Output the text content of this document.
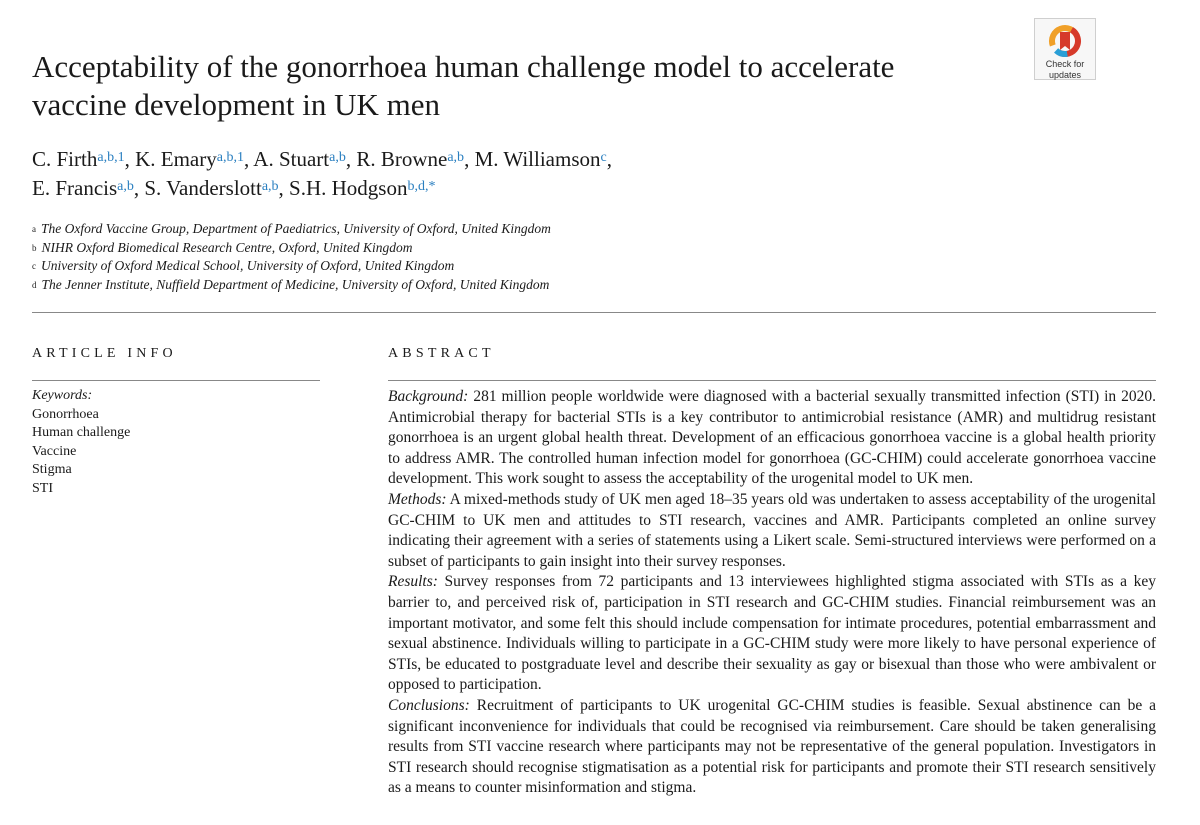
Acceptability of the gonorrhoea human challenge model to accelerate vaccine development in UK men
Check for
updates
C. Firth$^{a,b,1}$, K. Emary$^{a,b,1}$, A. Stuart$^{a,b}$, R. Browne$^{a,b}$, M. Williamson$^c$,
E. Francis$^{a,b}$, S. Vanderslott$^{a,b}$, S.H. Hodgson$^{b,d,*}$
$^a$ The Oxford Vaccine Group, Department of Paediatrics, University of Oxford, United Kingdom
$^b$ NIHR Oxford Biomedical Research Centre, Oxford, United Kingdom
$^c$ University of Oxford Medical School, University of Oxford, United Kingdom
$^d$ The Jenner Institute, Nuffield Department of Medicine, University of Oxford, United Kingdom
ARTICLE INFO	ABSTRACT
Keywords:
Gonorrhoea
Human challenge
Vaccine
Stigma
STI

Background: 281 million people worldwide were diagnosed with a bacterial sexually transmitted infection (STI) in 2020. Antimicrobial therapy for bacterial STIs is a key contributor to antimicrobial resistance (AMR) and multidrug resistant gonorrhoea is an urgent global health threat. Development of an efficacious gonorrhoea vaccine is a global health priority to address AMR. The controlled human infection model for gonorrhoea (GC-CHIM) could accelerate gonorrhoea vaccine development. This work sought to assess the acceptability of the urogenital model to UK men.

Methods: A mixed-methods study of UK men aged 18–35 years old was undertaken to assess acceptability of the urogenital GC-CHIM to UK men and attitudes to STI research, vaccines and AMR. Participants completed an online survey indicating their agreement with a series of statements using a Likert scale. Semi-structured interviews were performed on a subset of participants to gain insight into their survey responses.

Results: Survey responses from 72 participants and 13 interviewees highlighted stigma associated with STIs as a key barrier to, and perceived risk of, participation in STI research and GC-CHIM studies. Financial reimbursement was an important motivator, and some felt this should include compensation for intimate procedures, potential embarrassment and sexual abstinence. Individuals willing to participate in a GC-CHIM study were more likely to have personal experience of STIs, be educated to postgraduate level and describe their sexuality as gay or bisexual than those who were ambivalent or opposed to participation.

Conclusions: Recruitment of participants to UK urogenital GC-CHIM studies is feasible. Sexual abstinence can be a significant inconvenience for individuals that could be recognised via reimbursement. Care should be taken generalising results from STI vaccine research where participants may not be representative of the general population. Investigators in STI research should recognise stigmatisation as a potential risk for participants and promote their STI research sensitively as a means to counter misinformation and stigma.
